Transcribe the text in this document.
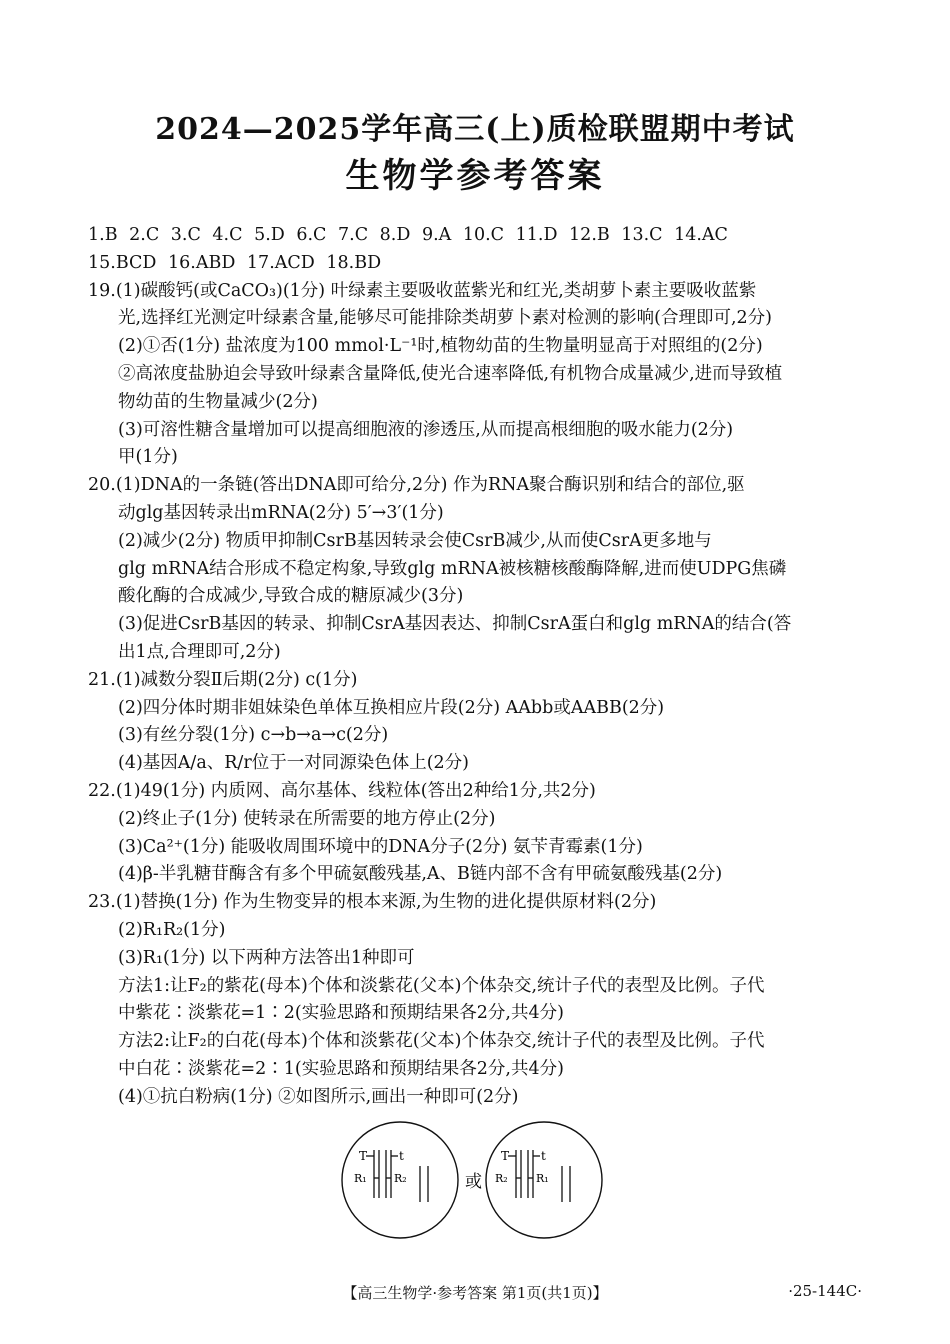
2024—2025学年高三(上)质检联盟期中考试
生物学参考答案
1.B 2.C 3.C 4.C 5.D 6.C 7.C 8.D 9.A 10.C 11.D 12.B 13.C 14.AC
15.BCD 16.ABD 17.ACD 18.BD
19.(1)碳酸钙(或CaCO₃)(1分) 叶绿素主要吸收蓝紫光和红光,类胡萝卜素主要吸收蓝紫
光,选择红光测定叶绿素含量,能够尽可能排除类胡萝卜素对检测的影响(合理即可,2分)
(2)①否(1分) 盐浓度为100 mmol·L⁻¹时,植物幼苗的生物量明显高于对照组的(2分)
②高浓度盐胁迫会导致叶绿素含量降低,使光合速率降低,有机物合成量减少,进而导致植
物幼苗的生物量减少(2分)
(3)可溶性糖含量增加可以提高细胞液的渗透压,从而提高根细胞的吸水能力(2分)
甲(1分)
20.(1)DNA的一条链(答出DNA即可给分,2分) 作为RNA聚合酶识别和结合的部位,驱
动glg基因转录出mRNA(2分) 5′→3′(1分)
(2)减少(2分) 物质甲抑制CsrB基因转录会使CsrB减少,从而使CsrA更多地与
glg mRNA结合形成不稳定构象,导致glg mRNA被核糖核酸酶降解,进而使UDPG焦磷
酸化酶的合成减少,导致合成的糖原减少(3分)
(3)促进CsrB基因的转录、抑制CsrA基因表达、抑制CsrA蛋白和glg mRNA的结合(答
出1点,合理即可,2分)
21.(1)减数分裂Ⅱ后期(2分) c(1分)
(2)四分体时期非姐妹染色单体互换相应片段(2分) AAbb或AABB(2分)
(3)有丝分裂(1分) c→b→a→c(2分)
(4)基因A/a、R/r位于一对同源染色体上(2分)
22.(1)49(1分) 内质网、高尔基体、线粒体(答出2种给1分,共2分)
(2)终止子(1分) 使转录在所需要的地方停止(2分)
(3)Ca²⁺(1分) 能吸收周围环境中的DNA分子(2分) 氨苄青霉素(1分)
(4)β-半乳糖苷酶含有多个甲硫氨酸残基,A、B链内部不含有甲硫氨酸残基(2分)
23.(1)替换(1分) 作为生物变异的根本来源,为生物的进化提供原材料(2分)
(2)R₁R₂(1分)
(3)R₁(1分) 以下两种方法答出1种即可
方法1:让F₂的紫花(母本)个体和淡紫花(父本)个体杂交,统计子代的表型及比例。子代
中紫花∶淡紫花=1∶2(实验思路和预期结果各2分,共4分)
方法2:让F₂的白花(母本)个体和淡紫花(父本)个体杂交,统计子代的表型及比例。子代
中白花∶淡紫花=2∶1(实验思路和预期结果各2分,共4分)
(4)①抗白粉病(1分) ②如图所示,画出一种即可(2分)
T	t
R₁ R₂	或
T	t
R₂	R₁
【高三生物学·参考答案 第1页(共1页)】	·25-144C·
